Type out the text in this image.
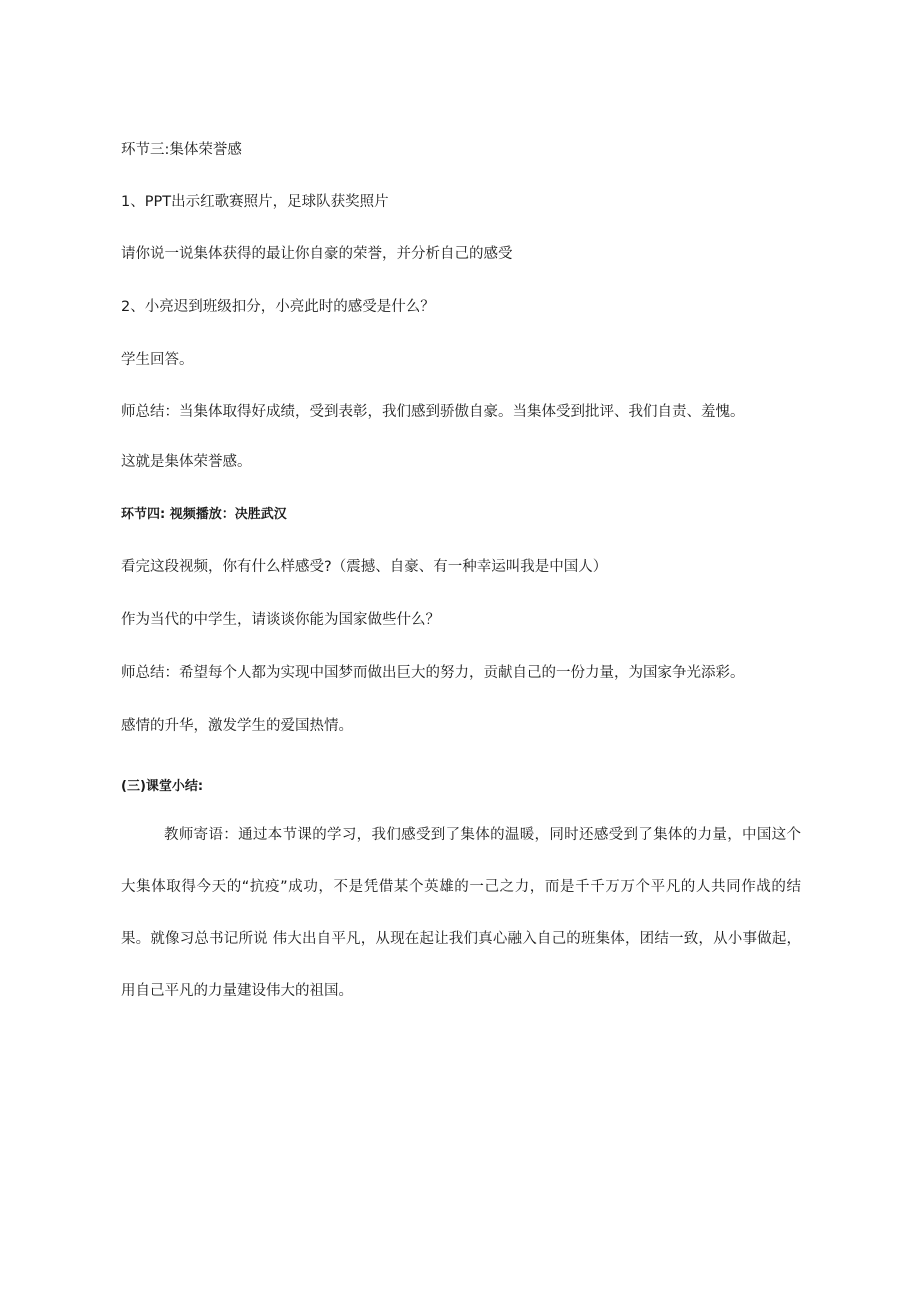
环节三:集体荣誉感
1、PPT出示红歌赛照片，足球队获奖照片
请你说一说集体获得的最让你自豪的荣誉，并分析自己的感受
2、小亮迟到班级扣分，小亮此时的感受是什么？
学生回答。
师总结：当集体取得好成绩，受到表彰，我们感到骄傲自豪。当集体受到批评、我们自责、羞愧。
这就是集体荣誉感。
环节四: 视频播放：决胜武汉
看完这段视频，你有什么样感受?（震撼、自豪、有一种幸运叫我是中国人）
作为当代的中学生，请谈谈你能为国家做些什么？
师总结：希望每个人都为实现中国梦而做出巨大的努力，贡献自己的一份力量，为国家争光添彩。
感情的升华，激发学生的爱国热情。
(三)课堂小结:
教师寄语：通过本节课的学习，我们感受到了集体的温暖，同时还感受到了集体的力量，中国这个大集体取得今天的“抗疫”成功，不是凭借某个英雄的一己之力，而是千千万万个平凡的人共同作战的结果。就像习总书记所说 伟大出自平凡，从现在起让我们真心融入自己的班集体，团结一致，从小事做起，用自己平凡的力量建设伟大的祖国。
